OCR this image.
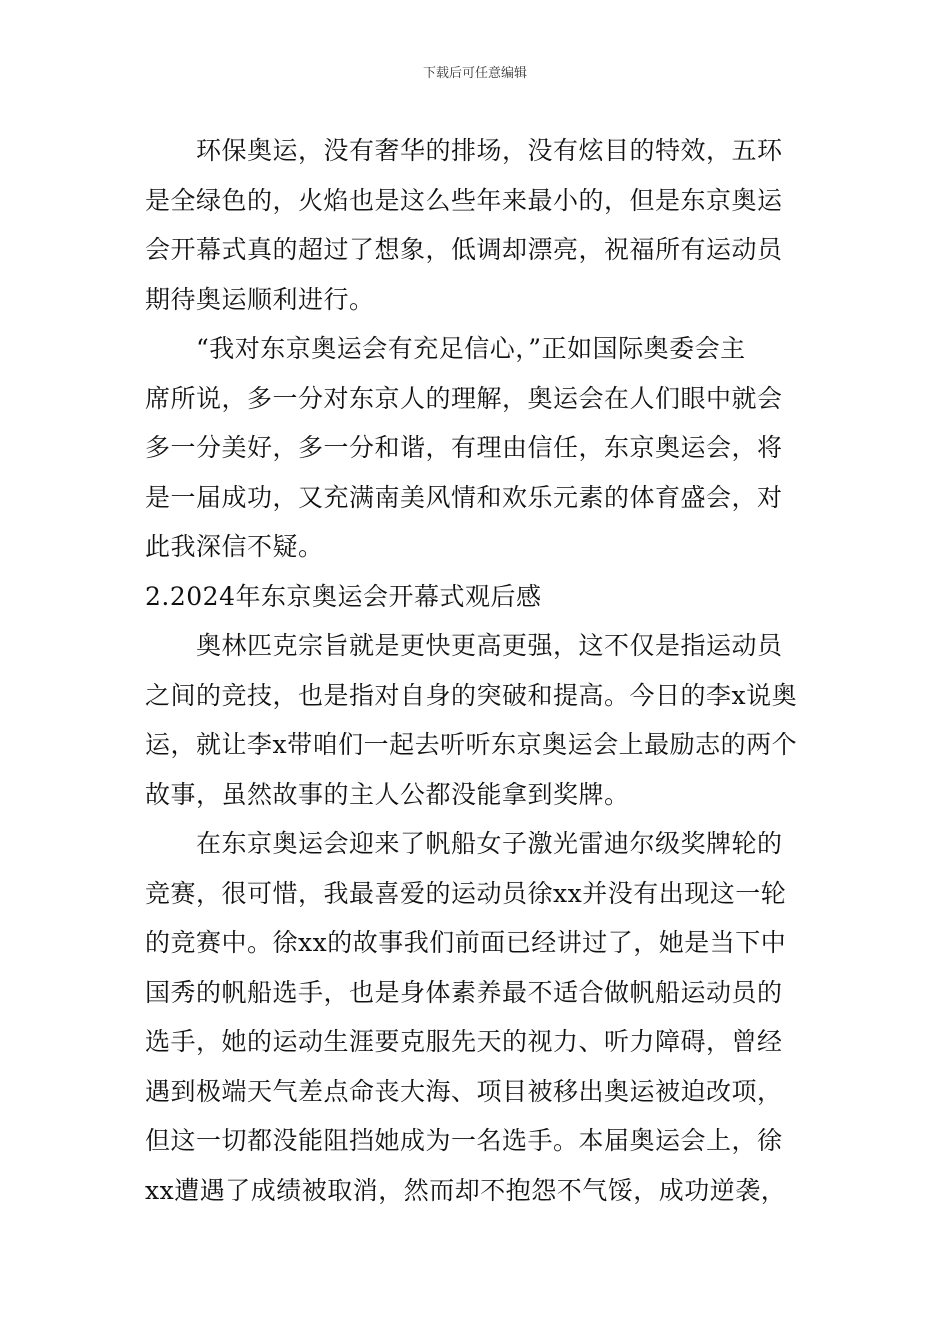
下载后可任意编辑
　　环保奥运，没有奢华的排场，没有炫目的特效，五环
是全绿色的，火焰也是这么些年来最小的，但是东京奥运
会开幕式真的超过了想象，低调却漂亮，祝福所有运动员
期待奥运顺利进行。
　　“我对东京奥运会有充足信心，”正如国际奥委会主
席所说，多一分对东京人的理解，奥运会在人们眼中就会
多一分美好，多一分和谐，有理由信任，东京奥运会，将
是一届成功，又充满南美风情和欢乐元素的体育盛会，对
此我深信不疑。
2.2024年东京奥运会开幕式观后感
　　奥林匹克宗旨就是更快更高更强，这不仅是指运动员
之间的竞技，也是指对自身的突破和提高。今日的李x说奥
运，就让李x带咱们一起去听听东京奥运会上最励志的两个
故事，虽然故事的主人公都没能拿到奖牌。
　　在东京奥运会迎来了帆船女子激光雷迪尔级奖牌轮的
竞赛，很可惜，我最喜爱的运动员徐xx并没有出现这一轮
的竞赛中。徐xx的故事我们前面已经讲过了，她是当下中
国秀的帆船选手，也是身体素养最不适合做帆船运动员的
选手，她的运动生涯要克服先天的视力、听力障碍，曾经
遇到极端天气差点命丧大海、项目被移出奥运被迫改项，
但这一切都没能阻挡她成为一名选手。本届奥运会上，徐
xx遭遇了成绩被取消，然而却不抱怨不气馁，成功逆袭，
